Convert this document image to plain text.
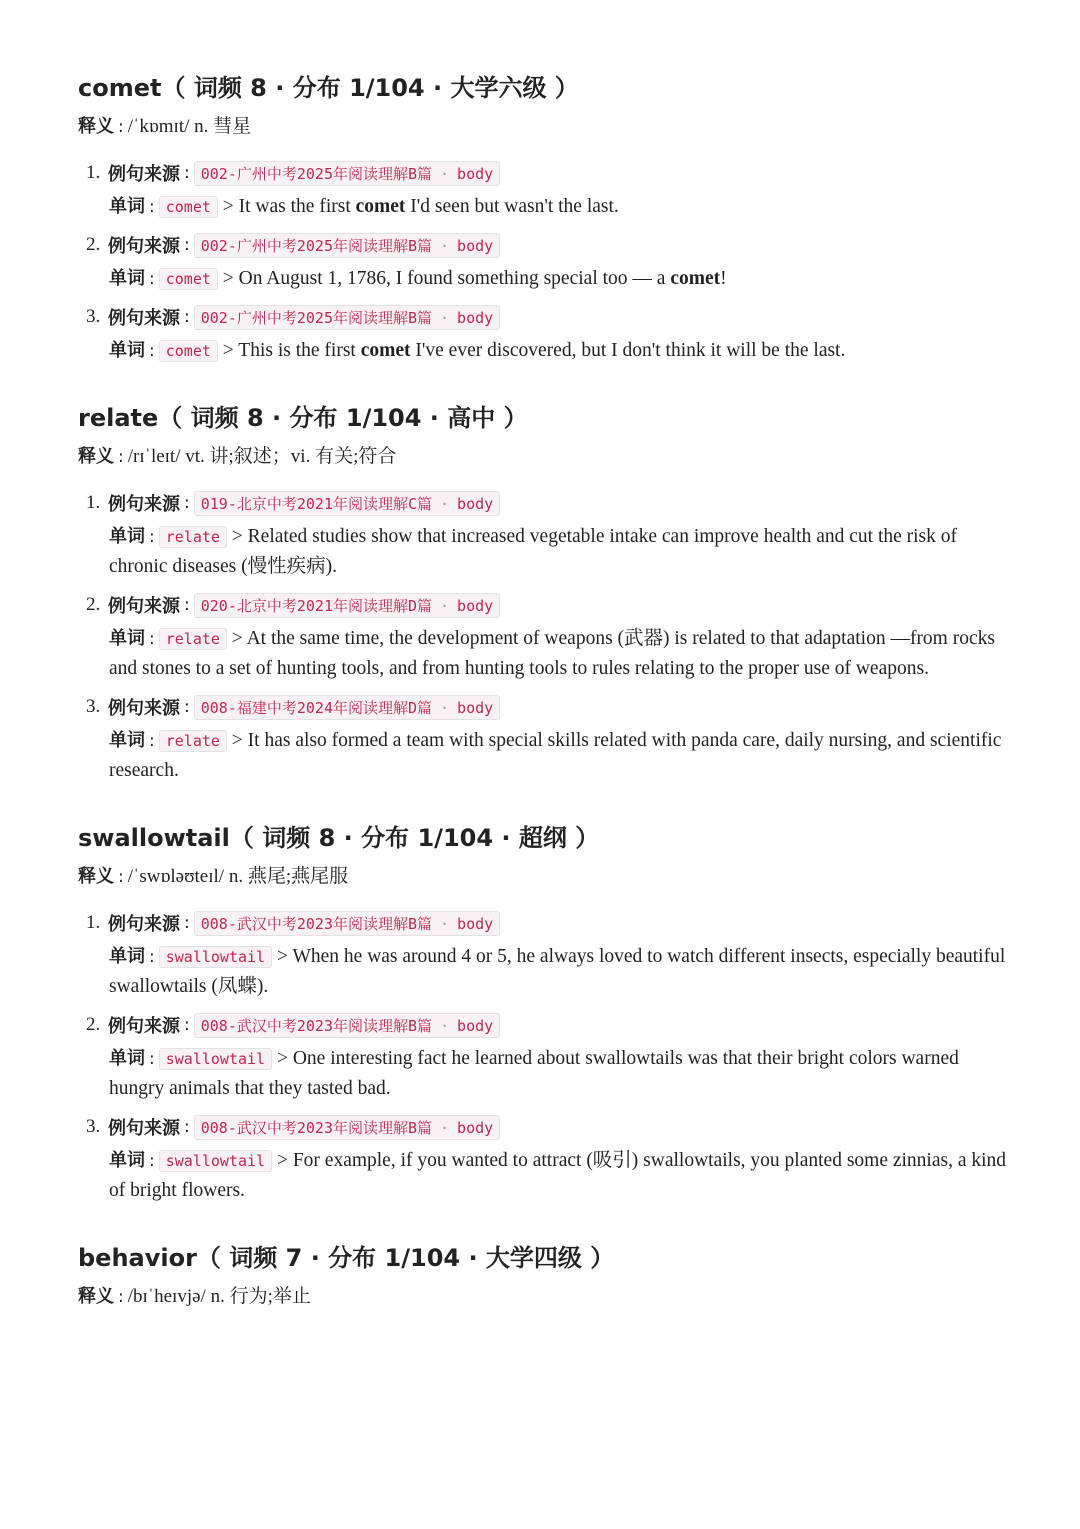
comet（ 词频 8 · 分布 1/104 · 大学六级 ）
释义 : /ˈkɒmɪt/ n. 彗星
1. 例句来源 : 002-广州中考2025年阅读理解B篇 · body
单词 : comet > It was the first comet I'd seen but wasn't the last.
2. 例句来源 : 002-广州中考2025年阅读理解B篇 · body
单词 : comet > On August 1, 1786, I found something special too — a comet!
3. 例句来源 : 002-广州中考2025年阅读理解B篇 · body
单词 : comet > This is the first comet I've ever discovered, but I don't think it will be the last.
relate（ 词频 8 · 分布 1/104 · 高中 ）
释义 : /rɪˈleɪt/ vt. 讲;叙述；vi. 有关;符合
1. 例句来源 : 019-北京中考2021年阅读理解C篇 · body
单词 : relate > Related studies show that increased vegetable intake can improve health and cut the risk of chronic diseases (慢性疾病).
2. 例句来源 : 020-北京中考2021年阅读理解D篇 · body
单词 : relate > At the same time, the development of weapons (武器) is related to that adaptation —from rocks and stones to a set of hunting tools, and from hunting tools to rules relating to the proper use of weapons.
3. 例句来源 : 008-福建中考2024年阅读理解D篇 · body
单词 : relate > It has also formed a team with special skills related with panda care, daily nursing, and scientific research.
swallowtail（ 词频 8 · 分布 1/104 · 超纲 ）
释义 : /ˈswɒləʊteɪl/ n. 燕尾;燕尾服
1. 例句来源 : 008-武汉中考2023年阅读理解B篇 · body
单词 : swallowtail > When he was around 4 or 5, he always loved to watch different insects, especially beautiful swallowtails (凤蝶).
2. 例句来源 : 008-武汉中考2023年阅读理解B篇 · body
单词 : swallowtail > One interesting fact he learned about swallowtails was that their bright colors warned hungry animals that they tasted bad.
3. 例句来源 : 008-武汉中考2023年阅读理解B篇 · body
单词 : swallowtail > For example, if you wanted to attract (吸引) swallowtails, you planted some zinnias, a kind of bright flowers.
behavior（ 词频 7 · 分布 1/104 · 大学四级 ）
释义 : /bɪˈheɪvjə/ n. 行为;举止
